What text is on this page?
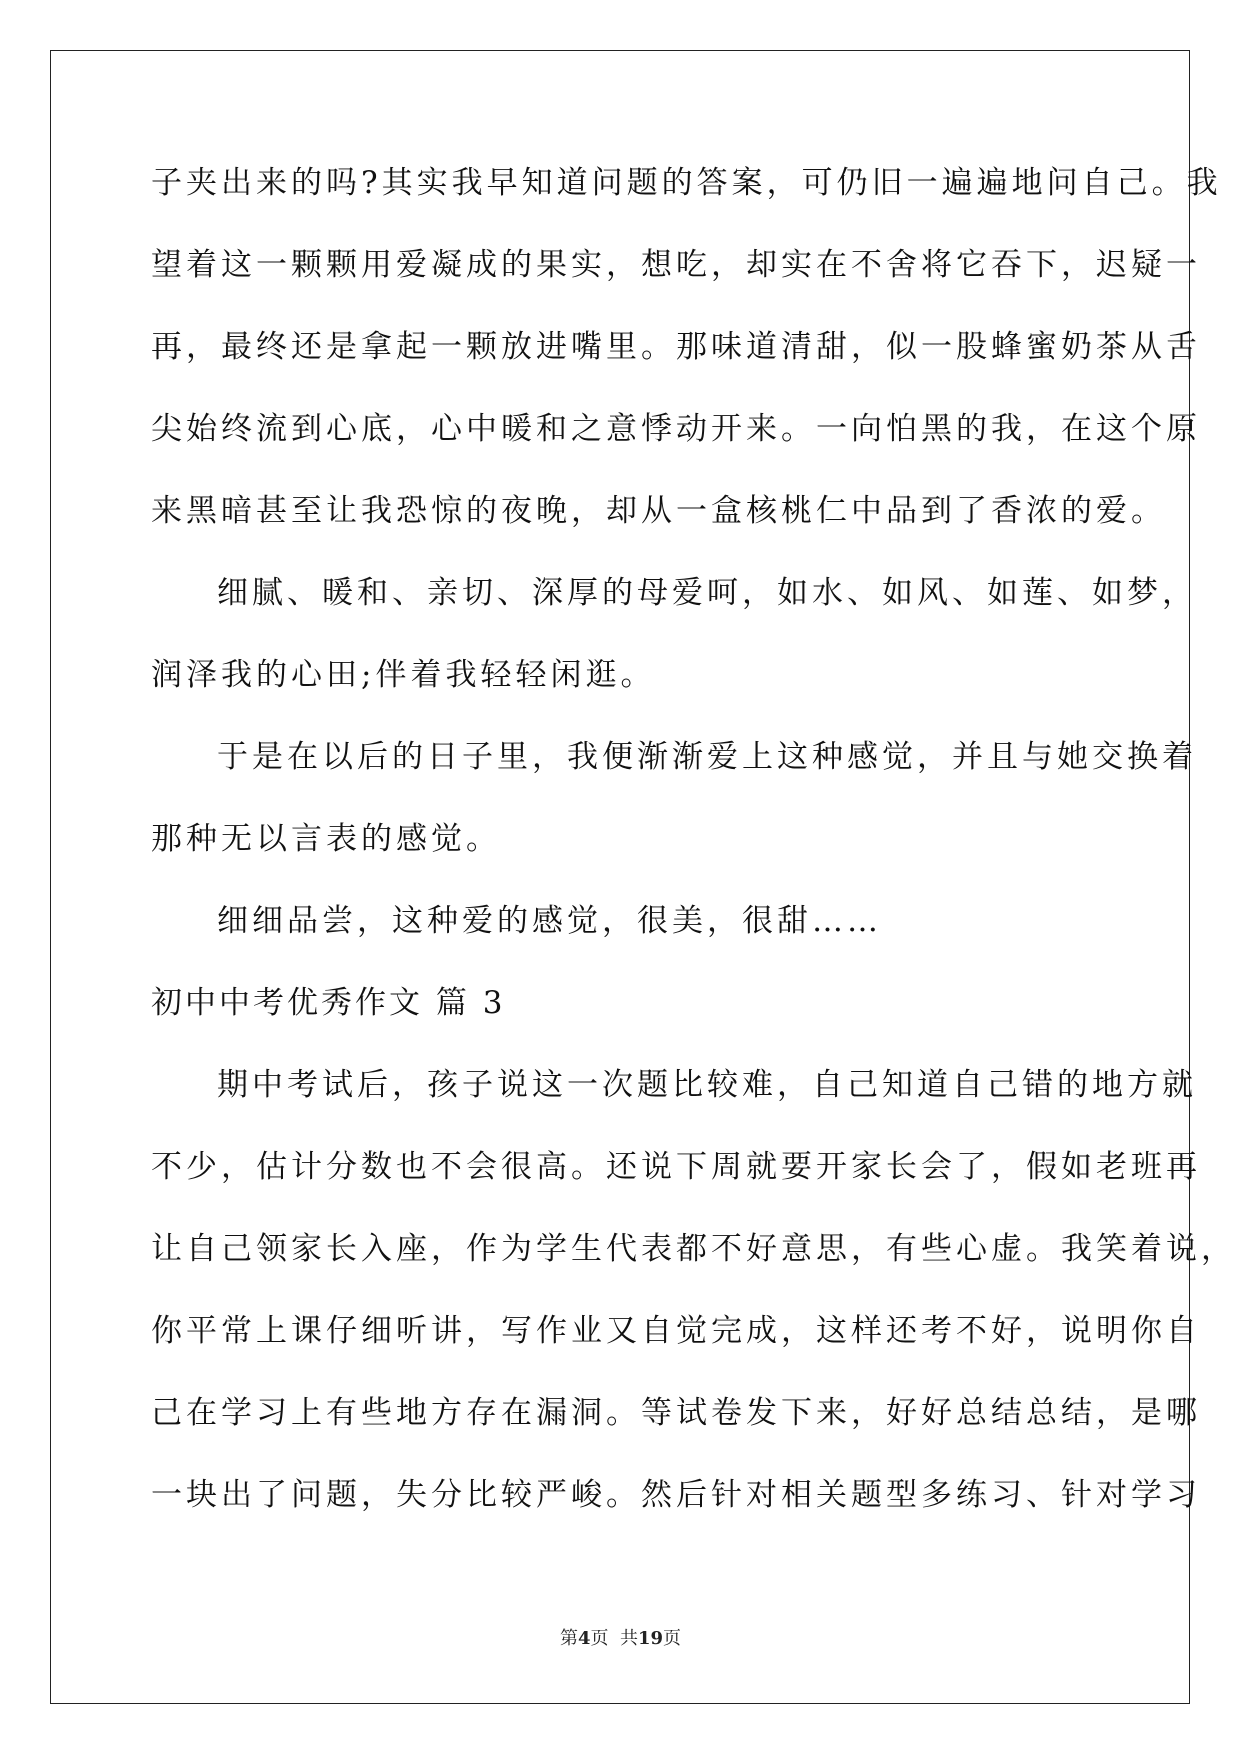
子夹出来的吗?其实我早知道问题的答案，可仍旧一遍遍地问自己。我
望着这一颗颗用爱凝成的果实，想吃，却实在不舍将它吞下，迟疑一
再，最终还是拿起一颗放进嘴里。那味道清甜，似一股蜂蜜奶茶从舌
尖始终流到心底，心中暖和之意悸动开来。一向怕黑的我，在这个原
来黑暗甚至让我恐惊的夜晚，却从一盒核桃仁中品到了香浓的爱。
细腻、暖和、亲切、深厚的母爱呵，如水、如风、如莲、如梦，
润泽我的心田;伴着我轻轻闲逛。
于是在以后的日子里，我便渐渐爱上这种感觉，并且与她交换着
那种无以言表的感觉。
细细品尝，这种爱的感觉，很美，很甜……
初中中考优秀作文 篇 3
期中考试后，孩子说这一次题比较难，自己知道自己错的地方就
不少，估计分数也不会很高。还说下周就要开家长会了，假如老班再
让自己领家长入座，作为学生代表都不好意思，有些心虚。我笑着说，
你平常上课仔细听讲，写作业又自觉完成，这样还考不好，说明你自
己在学习上有些地方存在漏洞。等试卷发下来，好好总结总结，是哪
一块出了问题，失分比较严峻。然后针对相关题型多练习、针对学习
第4页  共19页
